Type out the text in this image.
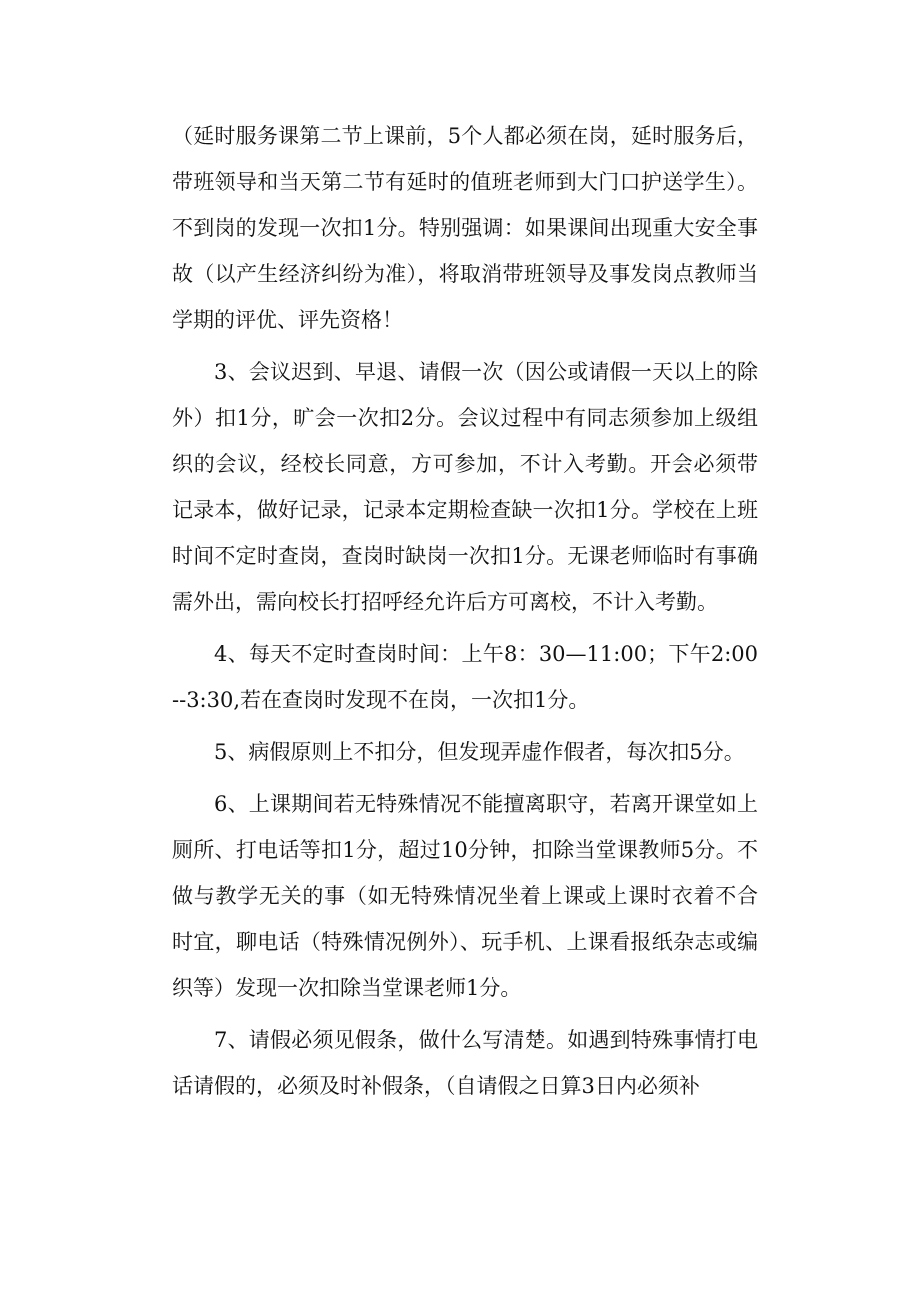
（延时服务课第二节上课前，5个人都必须在岗，延时服务后，带班领导和当天第二节有延时的值班老师到大门口护送学生）。不到岗的发现一次扣1分。特别强调：如果课间出现重大安全事故（以产生经济纠纷为准），将取消带班领导及事发岗点教师当学期的评优、评先资格！

3、会议迟到、早退、请假一次（因公或请假一天以上的除外）扣1分，旷会一次扣2分。会议过程中有同志须参加上级组织的会议，经校长同意，方可参加，不计入考勤。开会必须带记录本，做好记录，记录本定期检查缺一次扣1分。学校在上班时间不定时查岗，查岗时缺岗一次扣1分。无课老师临时有事确需外出，需向校长打招呼经允许后方可离校，不计入考勤。

4、每天不定时查岗时间：上午8：30—11:00；下午2:00--3:30,若在查岗时发现不在岗，一次扣1分。

5、病假原则上不扣分，但发现弄虚作假者，每次扣5分。

6、上课期间若无特殊情况不能擅离职守，若离开课堂如上厕所、打电话等扣1分，超过10分钟，扣除当堂课教师5分。不做与教学无关的事（如无特殊情况坐着上课或上课时衣着不合时宜，聊电话（特殊情况例外）、玩手机、上课看报纸杂志或编织等）发现一次扣除当堂课老师1分。

7、请假必须见假条，做什么写清楚。如遇到特殊事情打电话请假的，必须及时补假条，（自请假之日算3日内必须补
